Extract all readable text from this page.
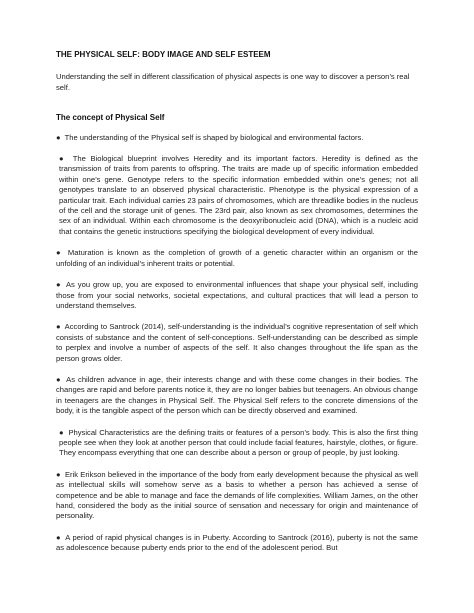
THE PHYSICAL SELF: BODY IMAGE AND SELF ESTEEM
Understanding the self in different classification of physical aspects is one way to discover a person’s real self.
The concept of Physical Self
● The understanding of the Physical self is shaped by biological and environmental factors.
● The Biological blueprint involves Heredity and its important factors. Heredity is defined as the transmission of traits from parents to offspring. The traits are made up of specific information embedded within one’s gene. Genotype refers to the specific information embedded within one’s genes; not all genotypes translate to an observed physical characteristic. Phenotype is the physical expression of a particular trait. Each individual carries 23 pairs of chromosomes, which are threadlike bodies in the nucleus of the cell and the storage unit of genes. The 23rd pair, also known as sex chromosomes, determines the sex of an individual. Within each chromosome is the deoxyribonucleic acid (DNA), which is a nucleic acid that contains the genetic instructions specifying the biological development of every individual.
● Maturation is known as the completion of growth of a genetic character within an organism or the unfolding of an individual’s inherent traits or potential.
● As you grow up, you are exposed to environmental influences that shape your physical self, including those from your social networks, societal expectations, and cultural practices that will lead a person to understand themselves.
● According to Santrock (2014), self-understanding is the individual’s cognitive representation of self which consists of substance and the content of self-conceptions. Self-understanding can be described as simple to perplex and involve a number of aspects of the self. It also changes throughout the life span as the person grows older.
● As children advance in age, their interests change and with these come changes in their bodies. The changes are rapid and before parents notice it, they are no longer babies but teenagers. An obvious change in teenagers are the changes in Physical Self. The Physical Self refers to the concrete dimensions of the body, it is the tangible aspect of the person which can be directly observed and examined.
● Physical Characteristics are the defining traits or features of a person’s body. This is also the first thing people see when they look at another person that could include facial features, hairstyle, clothes, or figure. They encompass everything that one can describe about a person or group of people, by just looking.
● Erik Erikson believed in the importance of the body from early development because the physical as well as intellectual skills will somehow serve as a basis to whether a person has achieved a sense of competence and be able to manage and face the demands of life complexities. William James, on the other hand, considered the body as the initial source of sensation and necessary for origin and maintenance of personality.
● A period of rapid physical changes is in Puberty. According to Santrock (2016), puberty is not the same as adolescence because puberty ends prior to the end of the adolescent period. But
